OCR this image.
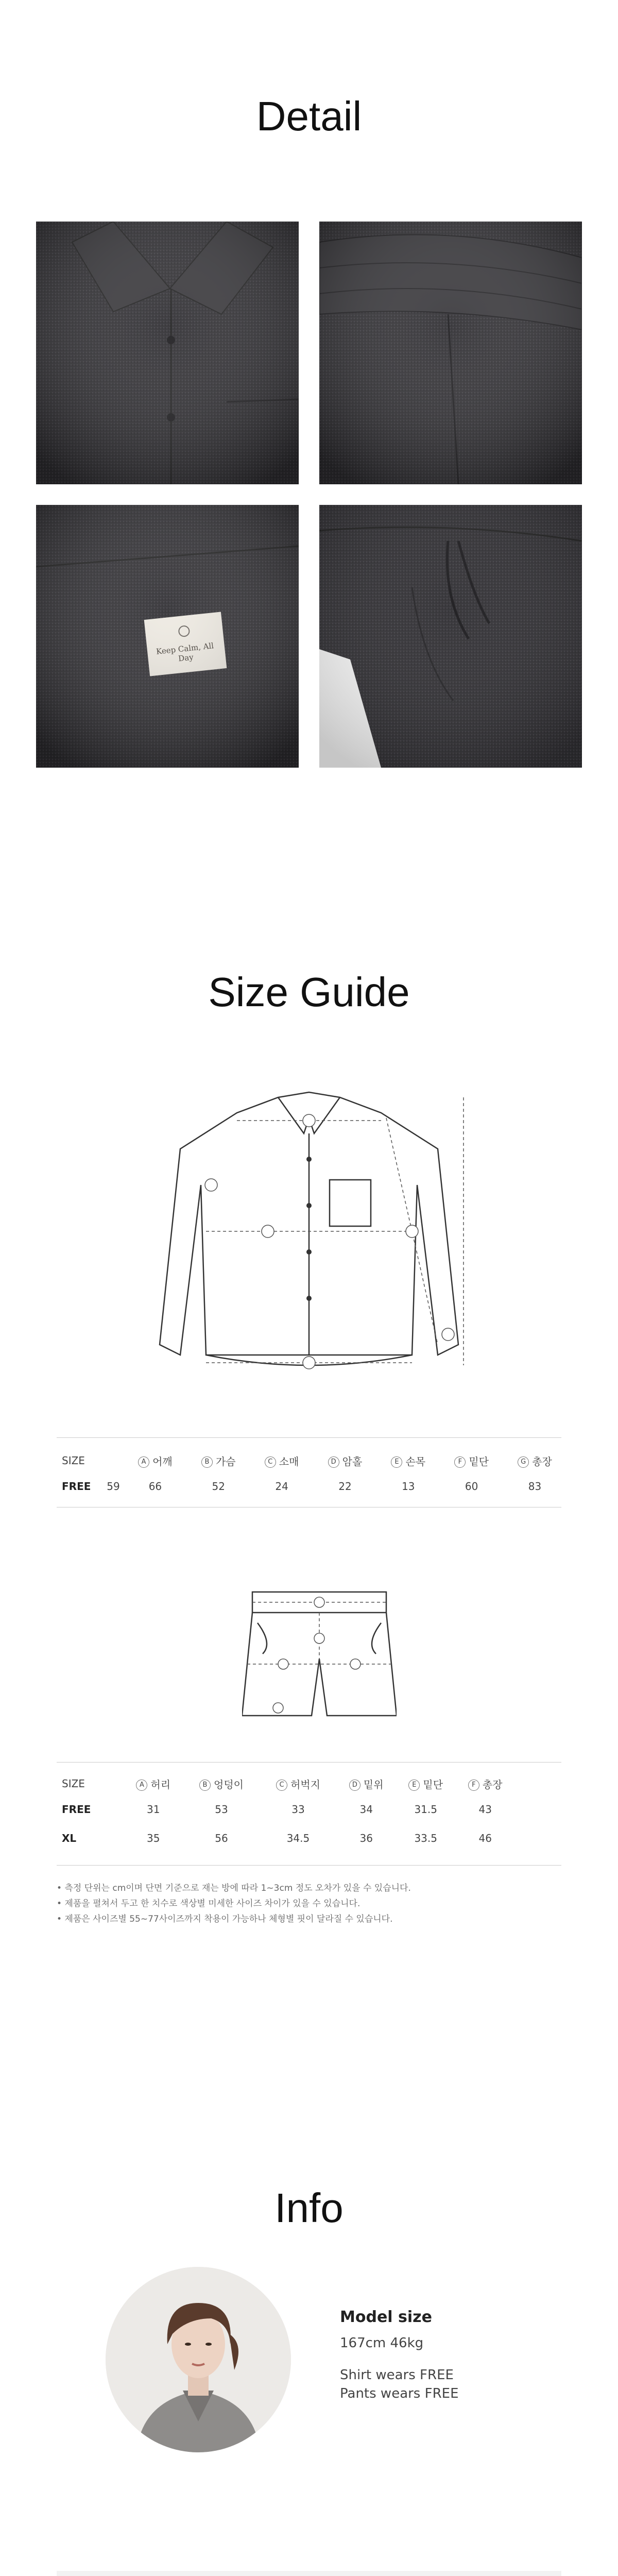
Detail
Keep Calm, All Day
Size Guide
SIZE		A 어깨	B 가슴	C 소매	D 암홀	E 손목	F 밑단	G 총장
FREE	59	66	52	24	22	13	60	83
SIZE	A 허리	B 엉덩이	C 허벅지	D 밑위	E 밑단	F 총장
FREE	31	53	33	34	31.5	43
XL	35	56	34.5	36	33.5	46
• 측정 단위는 cm이며 단면 기준으로 재는 방에 따라 1~3cm 정도 오차가 있을 수 있습니다.
• 제품을 펼쳐서 두고 한 치수로 색상별 미세한 사이즈 차이가 있을 수 있습니다.
• 제품은 사이즈별 55~77사이즈까지 착용이 가능하나 체형별 핏이 달라질 수 있습니다.
Info
Model size
167cm 46kg
Shirt wears FREE
Pants wears FREE
